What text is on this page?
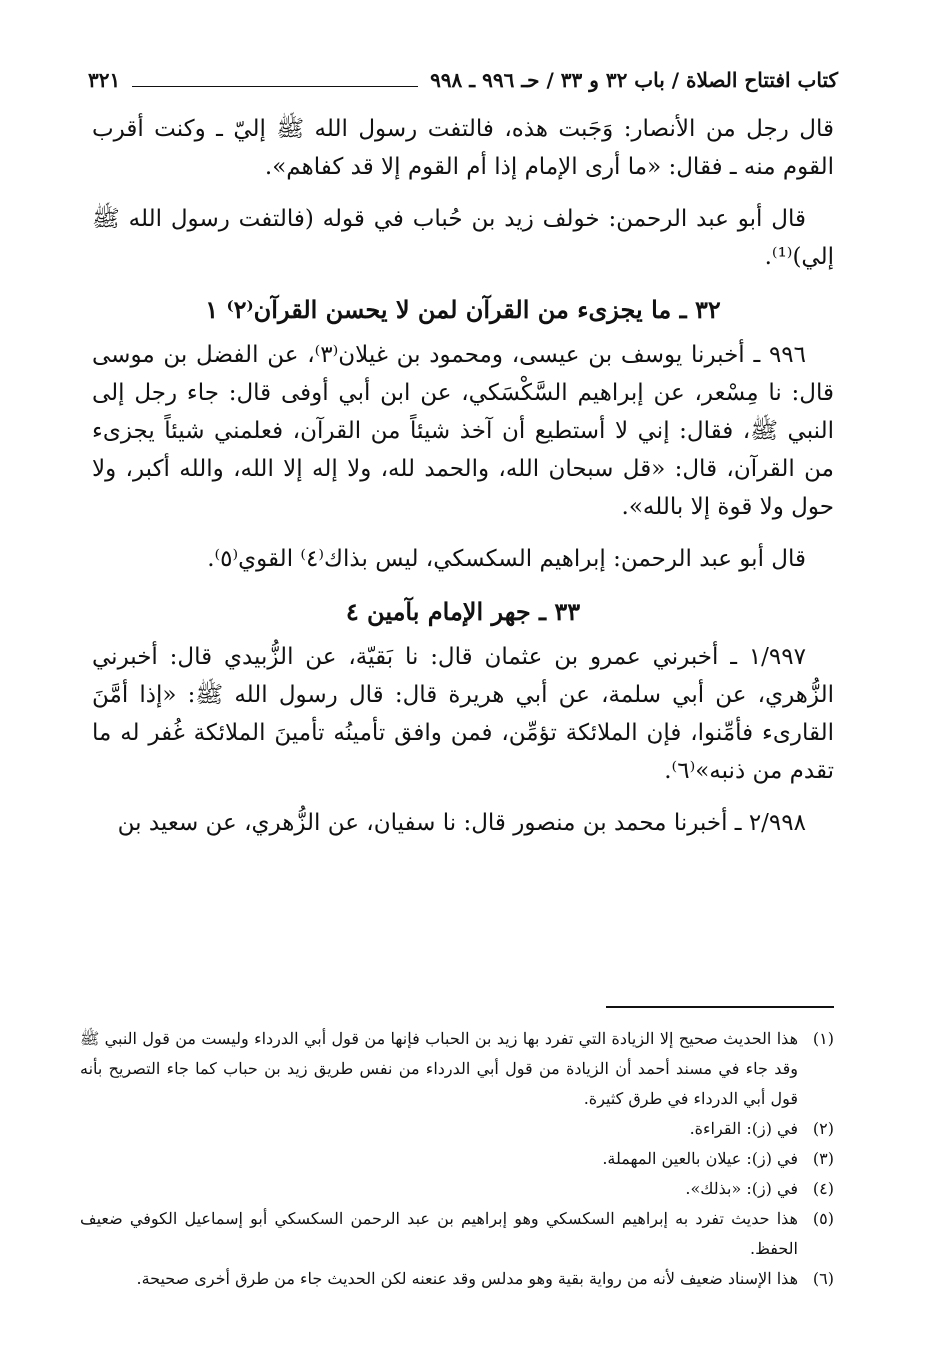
كتاب افتتاح الصلاة / باب ٣٢ و ٣٣ / حـ ٩٩٦ ـ ٩٩٨
٣٢١

قال رجل من الأنصار: وَجَبت هذه، فالتفت رسول الله ﷺ إليّ ـ وكنت أقرب القوم منه ـ فقال: «ما أرى الإمام إذا أم القوم إلا قد كفاهم».

قال أبو عبد الرحمن: خولف زيد بن حُباب في قوله (فالتفت رسول الله ﷺ إلي)⁽¹⁾.

٣٢ ـ ما يجزىء من القرآن لمن لا يحسن القرآن⁽٢⁾ ١

٩٩٦ ـ أخبرنا يوسف بن عيسى، ومحمود بن غيلان⁽٣⁾، عن الفضل بن موسى قال: نا مِسْعر، عن إبراهيم السَّكْسَكي، عن ابن أبي أوفى قال: جاء رجل إلى النبي ﷺ، فقال: إني لا أستطيع أن آخذ شيئاً من القرآن، فعلمني شيئاً يجزىء من القرآن، قال: «قل سبحان الله، والحمد لله، ولا إله إلا الله، والله أكبر، ولا حول ولا قوة إلا بالله».

قال أبو عبد الرحمن: إبراهيم السكسكي، ليس بذاك⁽٤⁾ القوي⁽٥⁾.

٣٣ ـ جهر الإمام بآمين ٤

١/٩٩٧ ـ أخبرني عمرو بن عثمان قال: نا بَقيّة، عن الزُّبيدي قال: أخبرني الزُّهري، عن أبي سلمة، عن أبي هريرة قال: قال رسول الله ﷺ: «إذا أمَّنَ القارىء فأمِّنوا، فإن الملائكة تؤمِّن، فمن وافق تأمينُه تأمينَ الملائكة غُفر له ما تقدم من ذنبه»⁽٦⁾.

٢/٩٩٨ ـ أخبرنا محمد بن منصور قال: نا سفيان، عن الزُّهري، عن سعيد بن

(١)
هذا الحديث صحيح إلا الزيادة التي تفرد بها زيد بن الحباب فإنها من قول أبي الدرداء وليست من قول النبي ﷺ وقد جاء في مسند أحمد أن الزيادة من قول أبي الدرداء من نفس طريق زيد بن حباب كما جاء التصريح بأنه قول أبي الدرداء في طرق كثيرة.
(٢)
في (ز): القراءة.
(٣)
في (ز): عيلان بالعين المهملة.
(٤)
في (ز): «بذلك».
(٥)
هذا حديث تفرد به إبراهيم السكسكي وهو إبراهيم بن عبد الرحمن السكسكي أبو إسماعيل الكوفي ضعيف الحفظ.
(٦)
هذا الإسناد ضعيف لأنه من رواية بقية وهو مدلس وقد عنعنه لكن الحديث جاء من طرق أخرى صحيحة.
